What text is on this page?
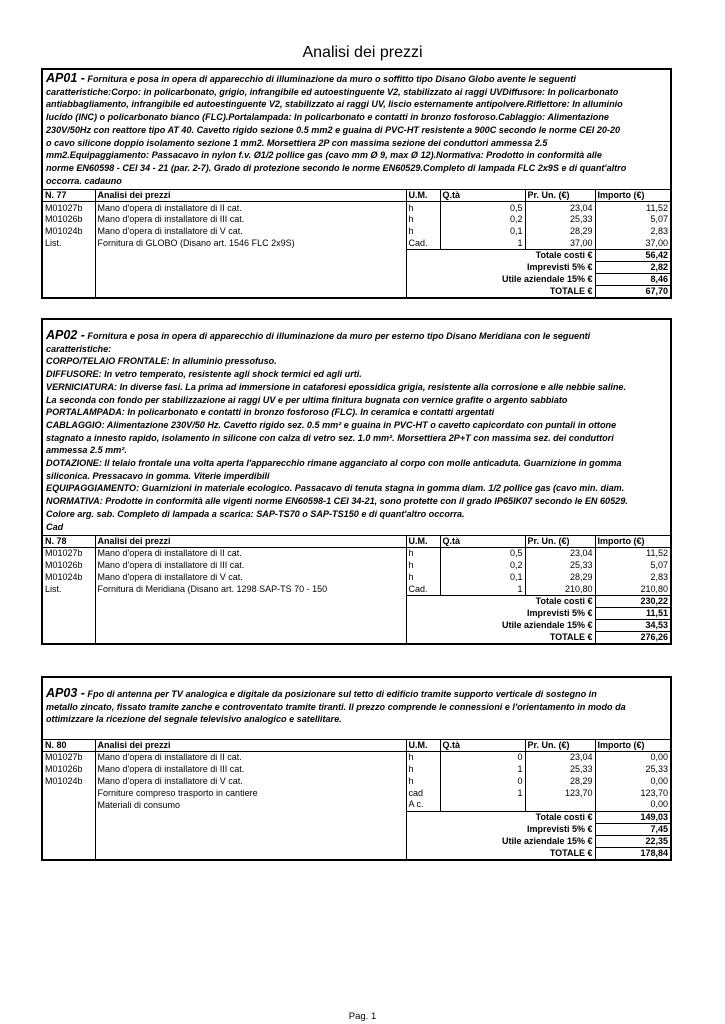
Analisi dei prezzi
AP01 - Fornitura e posa in opera di apparecchio di illuminazione da muro o soffitto tipo Disano Globo avente le seguenti
caratteristiche:Corpo: in policarbonato, grigio, infrangibile ed autoestinguente V2, stabilizzato ai raggi UVDiffusore: In policarbonato
antiabbagliamento, infrangibile ed autoestinguente V2, stabilizzato ai raggi UV, liscio esternamente antipolvere.Riflettore: In alluminio
lucido (INC) o policarbonato bianco (FLC).Portalampada: In policarbonato e contatti in bronzo fosforoso.Cablaggio: Alimentazione
230V/50Hz con reattore tipo AT 40. Cavetto rigido sezione 0.5 mm2 e guaina di PVC-HT resistente a 900C secondo le norme CEI 20-20
o cavo silicone doppio isolamento sezione 1 mm2. Morsettiera 2P con massima sezione dei conduttori ammessa 2.5
mm2.Equipaggiamento: Passacavo in nylon f.v. Ø1/2 pollice gas (cavo mm Ø 9, max Ø 12).Normativa: Prodotto in conformità alle
norme EN60598 - CEI 34 - 21 (par. 2-7). Grado di protezione secondo le norme EN60529.Completo di lampada FLC 2x9S e di quant'altro
occorra. cadauno
N. 77	Analisi dei prezzi	U.M.	Q.tà	Pr. Un. (€)	Importo (€)
M01027b	Mano d'opera di installatore di II cat.	h	0,5	23,04	11,52
M01026b	Mano d'opera di installatore di III cat.	h	0,2	25,33	5,07
M01024b	Mano d'opera di installatore di V cat.	h	0,1	28,29	2,83
List.	Fornitura di GLOBO (Disano art. 1546 FLC 2x9S)	Cad.	1	37,00	37,00
		Totale costi €			56,42
		Imprevisti 5% €			2,82
		Utile aziendale 15% €			8,46
		TOTALE €			67,70
AP02 - Fornitura e posa in opera di apparecchio di illuminazione da muro per esterno tipo Disano Meridiana con le seguenti
caratteristiche:
CORPO/TELAIO FRONTALE: In alluminio pressofuso.
DIFFUSORE: In vetro temperato, resistente agli shock termici ed agli urti.
VERNICIATURA: In diverse fasi. La prima ad immersione in cataforesi epossidica grigia, resistente alla corrosione e alle nebbie saline.
La seconda con fondo per stabilizzazione ai raggi UV e per ultima finitura bugnata con vernice grafite o argento sabbiato
PORTALAMPADA: In policarbonato e contatti in bronzo fosforoso (FLC). In ceramica e contatti argentati
CABLAGGIO: Alimentazione 230V/50 Hz. Cavetto rigido sez. 0.5 mm² e guaina in PVC-HT o cavetto capicordato con puntali in ottone
stagnato a innesto rapido, isolamento in silicone con calza di vetro sez. 1.0 mm². Morsettiera 2P+T con massima sez. dei conduttori
ammessa 2.5 mm².
DOTAZIONE: Il telaio frontale una volta aperta l'apparecchio rimane agganciato al corpo con molle anticaduta. Guarnizione in gomma
siliconica. Pressacavo in gomma. Viterie imperdibili
EQUIPAGGIAMENTO: Guarnizioni in materiale ecologico. Passacavo di tenuta stagna in gomma diam. 1/2 pollice gas (cavo min. diam.
NORMATIVA: Prodotte in conformità alle vigenti norme EN60598-1 CEI 34-21, sono protette con il grado IP65IK07 secondo le EN 60529.
Colore arg. sab. Completo di lampada a scarica: SAP-TS70 o SAP-TS150 e di quant'altro occorra.
Cad
N. 78	Analisi dei prezzi	U.M.	Q.tà	Pr. Un. (€)	Importo (€)
M01027b	Mano d'opera di installatore di II cat.	h	0,5	23,04	11,52
M01026b	Mano d'opera di installatore di III cat.	h	0,2	25,33	5,07
M01024b	Mano d'opera di installatore di V cat.	h	0,1	28,29	2,83
List.	Fornitura di Meridiana (Disano art. 1298 SAP-TS 70 - 150	Cad.	1	210,80	210,80
		Totale costi €			230,22
		Imprevisti 5% €			11,51
		Utile aziendale 15% €			34,53
		TOTALE €			276,26
AP03 - Fpo di antenna per TV analogica e digitale da posizionare sul tetto di edificio tramite supporto verticale di sostegno in
metallo zincato, fissato tramite zanche e controventato tramite tiranti. Il prezzo comprende le connessioni e l'orientamento in modo da
ottimizzare la ricezione del segnale televisivo analogico e satellitare.
N. 80	Analisi dei prezzi	U.M.	Q.tà	Pr. Un. (€)	Importo (€)
M01027b	Mano d'opera di installatore di II cat.	h	0	23,04	0,00
M01026b	Mano d'opera di installatore di III cat.	h	1	25,33	25,33
M01024b	Mano d'opera di installatore di V cat.	h	0	28,29	0,00
	Forniture compreso trasporto in cantiere	cad	1	123,70	123,70
	Materiali di consumo	A c.			0,00
		Totale costi €			149,03
		Imprevisti 5% €			7,45
		Utile aziendale 15% €			22,35
		TOTALE €			178,84
Pag. 1
